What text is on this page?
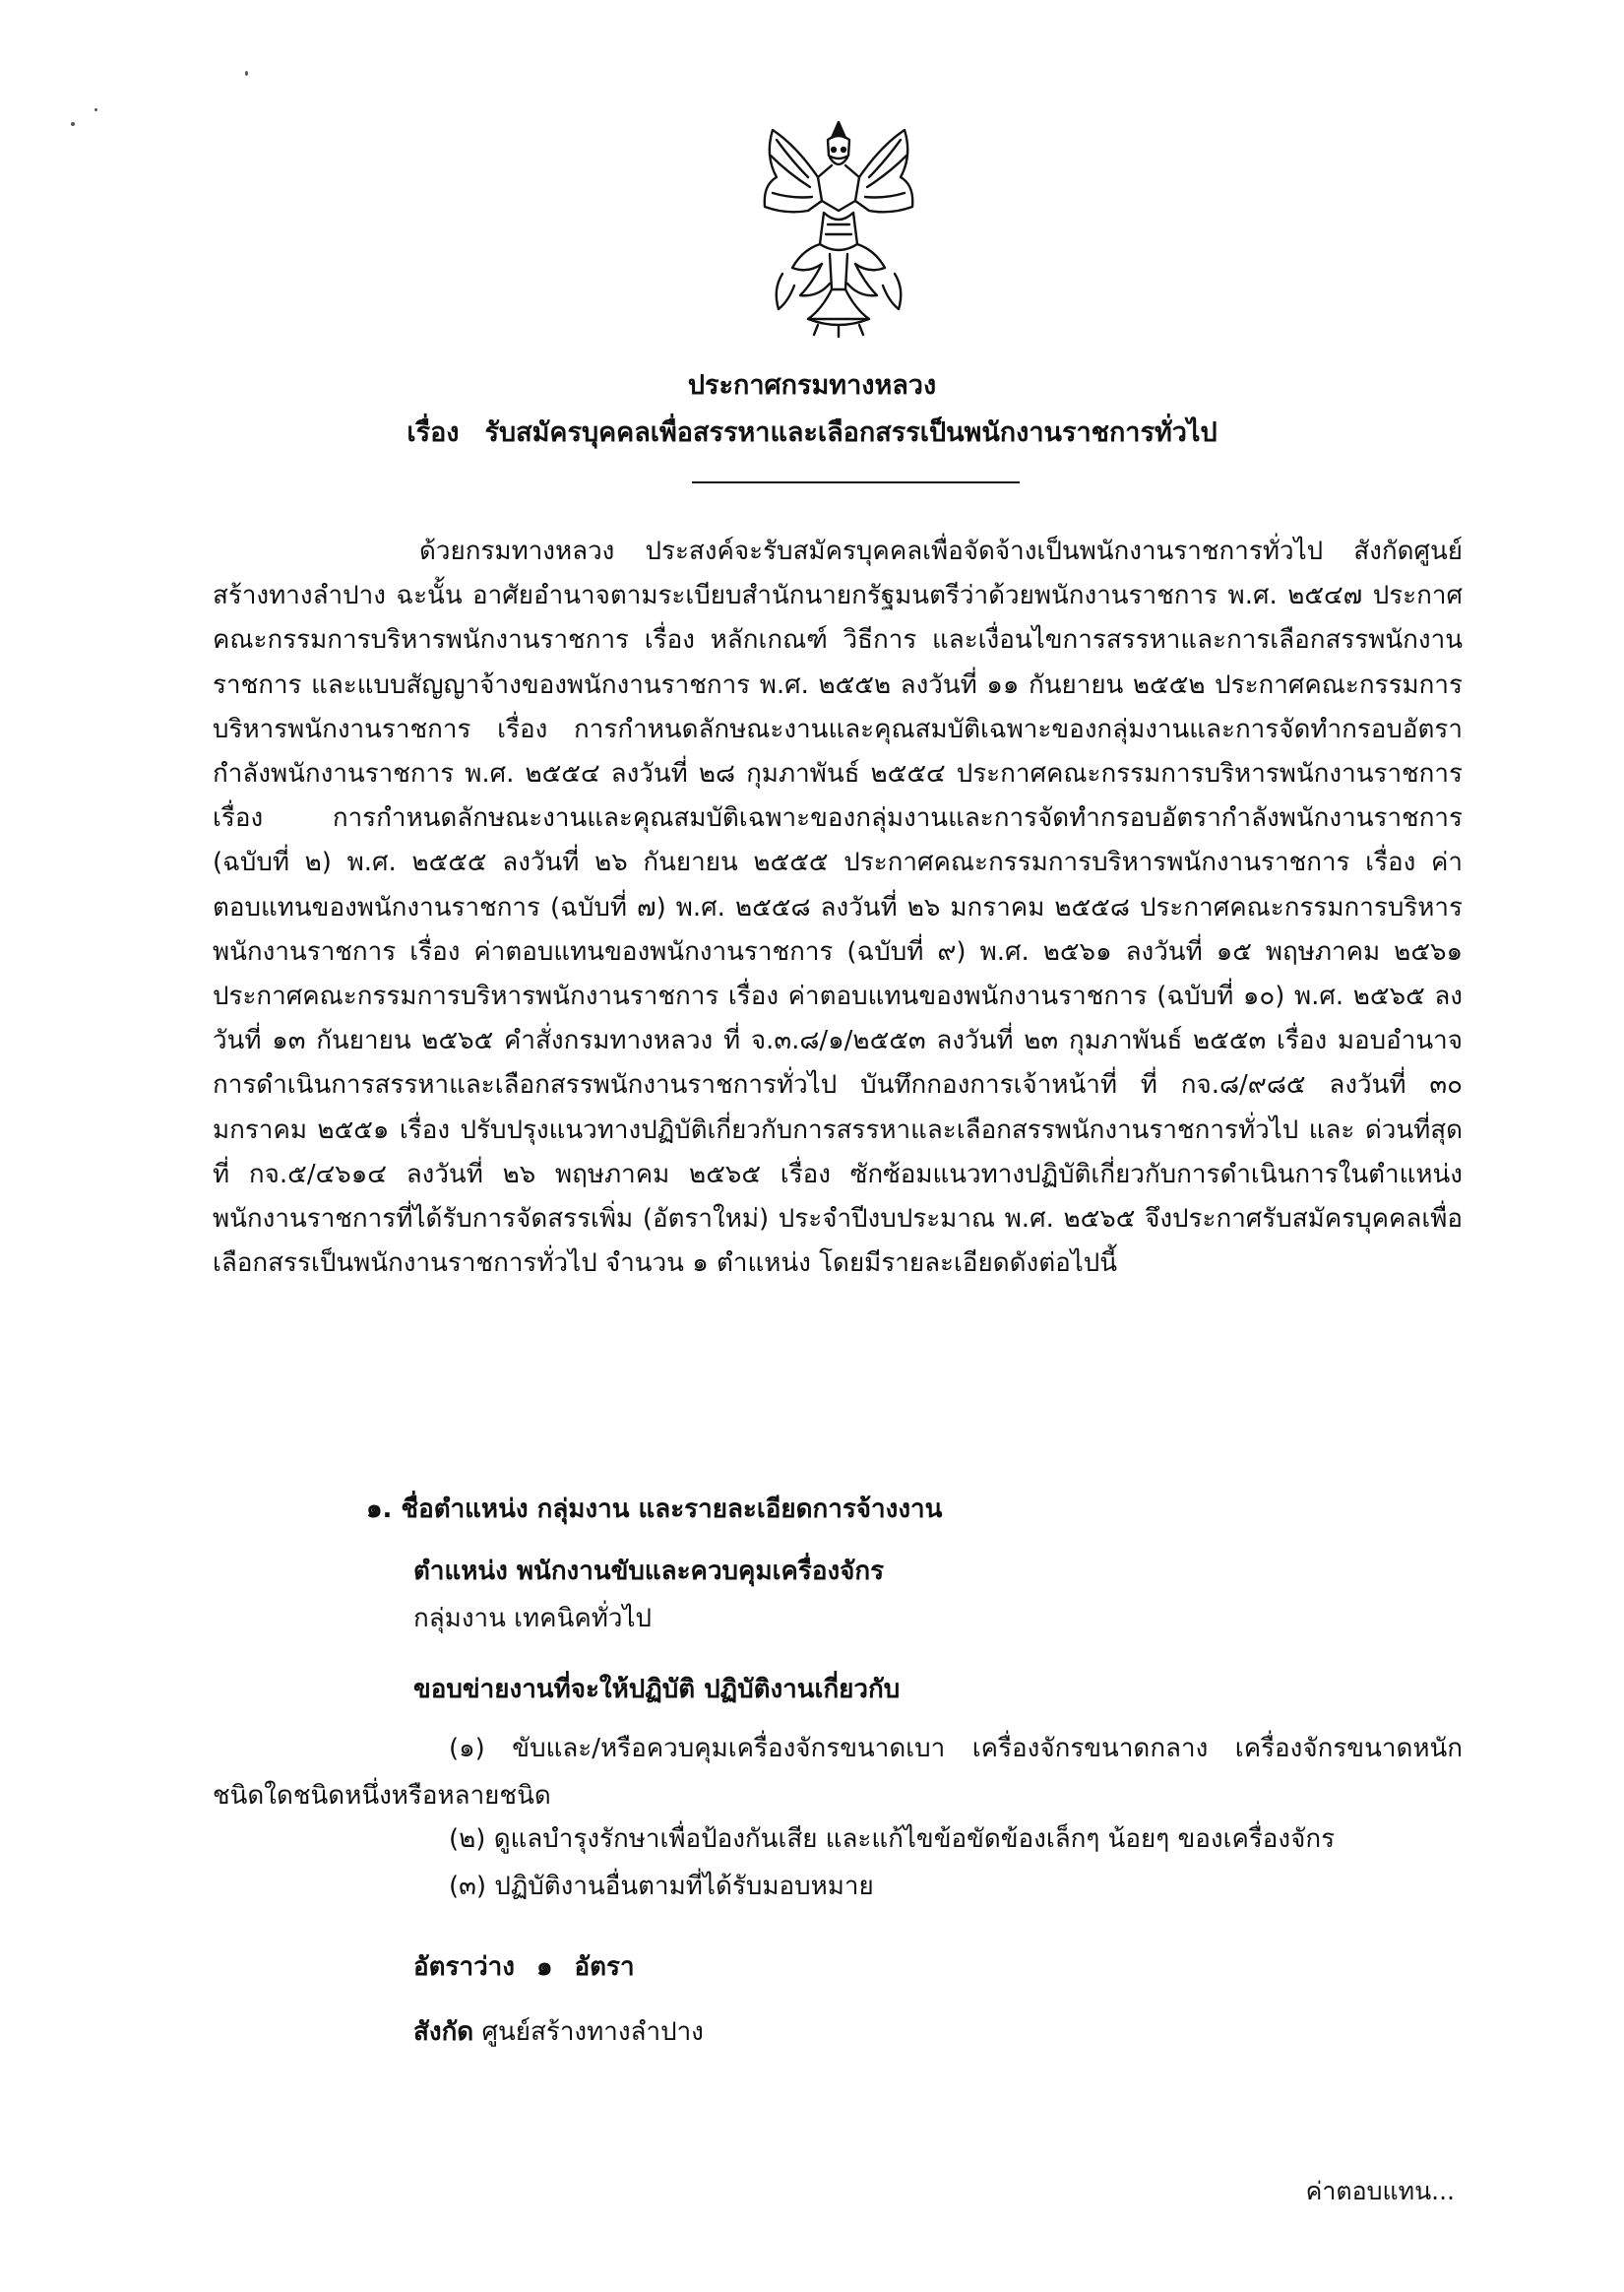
ประกาศกรมทางหลวง
เรื่อง รับสมัครบุคคลเพื่อสรรหาและเลือกสรรเป็นพนักงานราชการทั่วไป
ด้วยกรมทางหลวง ประสงค์จะรับสมัครบุคคลเพื่อจัดจ้างเป็นพนักงานราชการทั่วไป สังกัดศูนย์สร้างทางลำปาง ฉะนั้น อาศัยอำนาจตามระเบียบสำนักนายกรัฐมนตรีว่าด้วยพนักงานราชการ พ.ศ. ๒๕๔๗ ประกาศคณะกรรมการบริหารพนักงานราชการ เรื่อง หลักเกณฑ์ วิธีการ และเงื่อนไขการสรรหาและการเลือกสรรพนักงานราชการ และแบบสัญญาจ้างของพนักงานราชการ พ.ศ. ๒๕๕๒ ลงวันที่ ๑๑ กันยายน ๒๕๕๒ ประกาศคณะกรรมการบริหารพนักงานราชการ เรื่อง การกำหนดลักษณะงานและคุณสมบัติเฉพาะของกลุ่มงานและการจัดทำกรอบอัตรากำลังพนักงานราชการ พ.ศ. ๒๕๕๔ ลงวันที่ ๒๘ กุมภาพันธ์ ๒๕๕๔ ประกาศคณะกรรมการบริหารพนักงานราชการ เรื่อง การกำหนดลักษณะงานและคุณสมบัติเฉพาะของกลุ่มงานและการจัดทำกรอบอัตรากำลังพนักงานราชการ (ฉบับที่ ๒) พ.ศ. ๒๕๕๕ ลงวันที่ ๒๖ กันยายน ๒๕๕๕ ประกาศคณะกรรมการบริหารพนักงานราชการ เรื่อง ค่าตอบแทนของพนักงานราชการ (ฉบับที่ ๗) พ.ศ. ๒๕๕๘ ลงวันที่ ๒๖ มกราคม ๒๕๕๘ ประกาศคณะกรรมการบริหารพนักงานราชการ เรื่อง ค่าตอบแทนของพนักงานราชการ (ฉบับที่ ๙) พ.ศ. ๒๕๖๑ ลงวันที่ ๑๕ พฤษภาคม ๒๕๖๑ ประกาศคณะกรรมการบริหารพนักงานราชการ เรื่อง ค่าตอบแทนของพนักงานราชการ (ฉบับที่ ๑๐) พ.ศ. ๒๕๖๕ ลงวันที่ ๑๓ กันยายน ๒๕๖๕ คำสั่งกรมทางหลวง ที่ จ.๓.๘/๑/๒๕๕๓ ลงวันที่ ๒๓ กุมภาพันธ์ ๒๕๕๓ เรื่อง มอบอำนาจการดำเนินการสรรหาและเลือกสรรพนักงานราชการทั่วไป บันทึกกองการเจ้าหน้าที่ ที่ กจ.๘/๙๘๕ ลงวันที่ ๓๐ มกราคม ๒๕๕๑ เรื่อง ปรับปรุงแนวทางปฏิบัติเกี่ยวกับการสรรหาและเลือกสรรพนักงานราชการทั่วไป และ ด่วนที่สุด ที่ กจ.๕/๔๖๑๔ ลงวันที่ ๒๖ พฤษภาคม ๒๕๖๕ เรื่อง ซักซ้อมแนวทางปฏิบัติเกี่ยวกับการดำเนินการในตำแหน่งพนักงานราชการที่ได้รับการจัดสรรเพิ่ม (อัตราใหม่) ประจำปีงบประมาณ พ.ศ. ๒๕๖๕ จึงประกาศรับสมัครบุคคลเพื่อเลือกสรรเป็นพนักงานราชการทั่วไป จำนวน ๑ ตำแหน่ง โดยมีรายละเอียดดังต่อไปนี้
๑. ชื่อตำแหน่ง กลุ่มงาน และรายละเอียดการจ้างงาน
ตำแหน่ง พนักงานขับและควบคุมเครื่องจักร
กลุ่มงาน เทคนิคทั่วไป
ขอบข่ายงานที่จะให้ปฏิบัติ ปฏิบัติงานเกี่ยวกับ
(๑) ขับและ/หรือควบคุมเครื่องจักรขนาดเบา เครื่องจักรขนาดกลาง เครื่องจักรขนาดหนัก ชนิดใดชนิดหนึ่งหรือหลายชนิด
(๒) ดูแลบำรุงรักษาเพื่อป้องกันเสีย และแก้ไขข้อขัดข้องเล็กๆ น้อยๆ ของเครื่องจักร
(๓) ปฏิบัติงานอื่นตามที่ได้รับมอบหมาย
อัตราว่าง ๑ อัตรา
สังกัด ศูนย์สร้างทางลำปาง
ค่าตอบแทน...
